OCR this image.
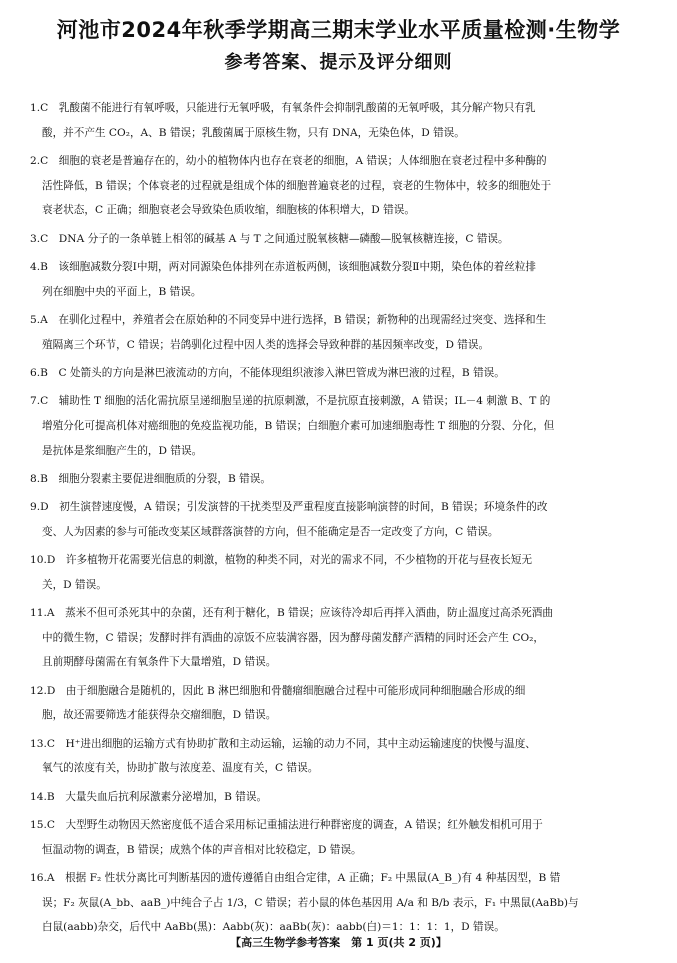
河池市2024年秋季学期高三期末学业水平质量检测·生物学
参考答案、提示及评分细则
1.C　乳酸菌不能进行有氧呼吸，只能进行无氧呼吸，有氧条件会抑制乳酸菌的无氧呼吸，其分解产物只有乳
酸，并不产生 CO₂，A、B 错误；乳酸菌属于原核生物，只有 DNA，无染色体，D 错误。
2.C　细胞的衰老是普遍存在的，幼小的植物体内也存在衰老的细胞，A 错误；人体细胞在衰老过程中多种酶的
活性降低，B 错误；个体衰老的过程就是组成个体的细胞普遍衰老的过程，衰老的生物体中，较多的细胞处于
衰老状态，C 正确；细胞衰老会导致染色质收缩，细胞核的体积增大，D 错误。
3.C　DNA 分子的一条单链上相邻的碱基 A 与 T 之间通过脱氧核糖—磷酸—脱氧核糖连接，C 错误。
4.B　该细胞减数分裂Ⅰ中期，两对同源染色体排列在赤道板两侧，该细胞减数分裂Ⅱ中期，染色体的着丝粒排
列在细胞中央的平面上，B 错误。
5.A　在驯化过程中，养殖者会在原始种的不同变异中进行选择，B 错误；新物种的出现需经过突变、选择和生
殖隔离三个环节，C 错误；岩鸽驯化过程中因人类的选择会导致种群的基因频率改变，D 错误。
6.B　C 处箭头的方向是淋巴液流动的方向，不能体现组织液渗入淋巴管成为淋巴液的过程，B 错误。
7.C　辅助性 T 细胞的活化需抗原呈递细胞呈递的抗原刺激，不是抗原直接刺激，A 错误；IL－4 刺激 B、T 的
增殖分化可提高机体对癌细胞的免疫监视功能，B 错误；白细胞介素可加速细胞毒性 T 细胞的分裂、分化，但
是抗体是浆细胞产生的，D 错误。
8.B　细胞分裂素主要促进细胞质的分裂，B 错误。
9.D　初生演替速度慢，A 错误；引发演替的干扰类型及严重程度直接影响演替的时间，B 错误；环境条件的改
变、人为因素的参与可能改变某区域群落演替的方向，但不能确定是否一定改变了方向，C 错误。
10.D　许多植物开花需要光信息的刺激，植物的种类不同，对光的需求不同，不少植物的开花与昼夜长短无
关，D 错误。
11.A　蒸米不但可杀死其中的杂菌，还有利于糖化，B 错误；应该待冷却后再拌入酒曲，防止温度过高杀死酒曲
中的微生物，C 错误；发酵时拌有酒曲的凉饭不应装满容器，因为酵母菌发酵产酒精的同时还会产生 CO₂，
且前期酵母菌需在有氧条件下大量增殖，D 错误。
12.D　由于细胞融合是随机的，因此 B 淋巴细胞和骨髓瘤细胞融合过程中可能形成同种细胞融合形成的细
胞，故还需要筛选才能获得杂交瘤细胞，D 错误。
13.C　H⁺进出细胞的运输方式有协助扩散和主动运输，运输的动力不同，其中主动运输速度的快慢与温度、
氧气的浓度有关，协助扩散与浓度差、温度有关，C 错误。
14.B　大量失血后抗利尿激素分泌增加，B 错误。
15.C　大型野生动物因天然密度低不适合采用标记重捕法进行种群密度的调查，A 错误；红外触发相机可用于
恒温动物的调查，B 错误；成熟个体的声音相对比较稳定，D 错误。
16.A　根据 F₂ 性状分离比可判断基因的遗传遵循自由组合定律，A 正确；F₂ 中黑鼠(A_B_)有 4 种基因型，B 错
误；F₂ 灰鼠(A_bb、aaB_)中纯合子占 1/3，C 错误；若小鼠的体色基因用 A/a 和 B/b 表示，F₁ 中黑鼠(AaBb)与
白鼠(aabb)杂交，后代中 AaBb(黑)：Aabb(灰)：aaBb(灰)：aabb(白)＝1：1：1：1，D 错误。
【高三生物学参考答案　第 1 页(共 2 页)】
